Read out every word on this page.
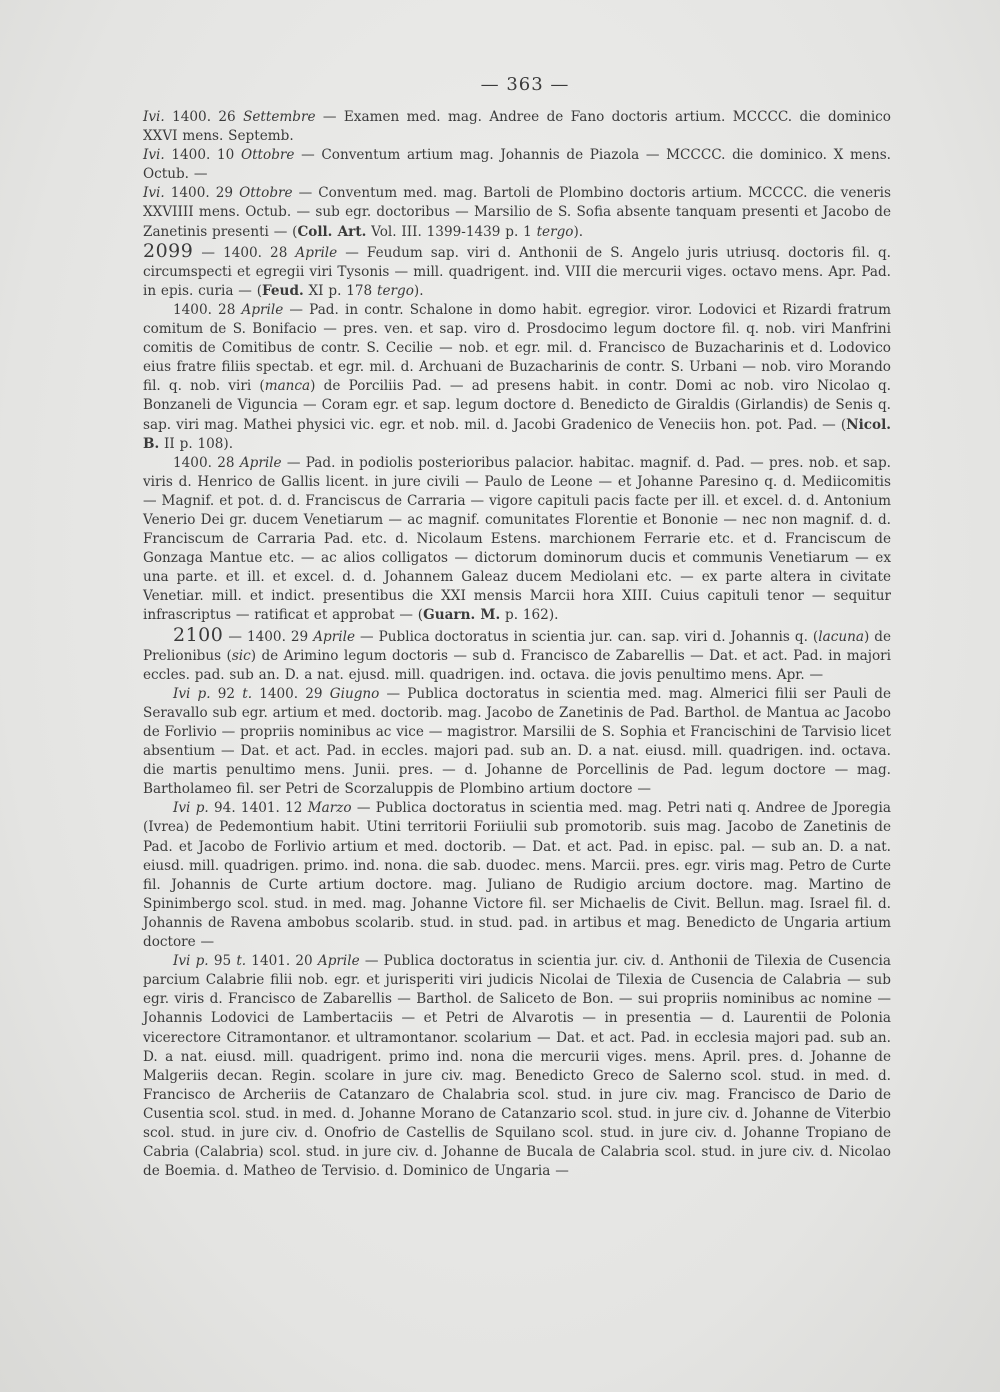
— 363 —

Ivi. 1400. 26 Settembre — Examen med. mag. Andree de Fano doctoris artium. MCCCC. die dominico XXVI mens. Septemb.

Ivi. 1400. 10 Ottobre — Conventum artium mag. Johannis de Piazola — MCCCC. die dominico. X mens. Octub. —

Ivi. 1400. 29 Ottobre — Conventum med. mag. Bartoli de Plombino doctoris artium. MCCCC. die veneris XXVIIII mens. Octub. — sub egr. doctoribus — Marsilio de S. Sofia absente tanquam presenti et Jacobo de Zanetinis presenti — (Coll. Art. Vol. III. 1399-1439 p. 1 tergo).

2099 — 1400. 28 Aprile — Feudum sap. viri d. Anthonii de S. Angelo juris utriusq. doctoris fil. q. circumspecti et egregii viri Tysonis — mill. quadrigent. ind. VIII die mercurii viges. octavo mens. Apr. Pad. in epis. curia — (Feud. XI p. 178 tergo).

1400. 28 Aprile — Pad. in contr. Schalone in domo habit. egregior. viror. Lodovici et Rizardi fratrum comitum de S. Bonifacio — pres. ven. et sap. viro d. Prosdocimo legum doctore fil. q. nob. viri Manfrini comitis de Comitibus de contr. S. Cecilie — nob. et egr. mil. d. Francisco de Buzacharinis et d. Lodovico eius fratre filiis spectab. et egr. mil. d. Archuani de Buzacharinis de contr. S. Urbani — nob. viro Morando fil. q. nob. viri (manca) de Porciliis Pad. — ad presens habit. in contr. Domi ac nob. viro Nicolao q. Bonzaneli de Viguncia — Coram egr. et sap. legum doctore d. Benedicto de Giraldis (Girlandis) de Senis q. sap. viri mag. Mathei physici vic. egr. et nob. mil. d. Jacobi Gradenico de Veneciis hon. pot. Pad. — (Nicol. B. II p. 108).

1400. 28 Aprile — Pad. in podiolis posterioribus palacior. habitac. magnif. d. Pad. — pres. nob. et sap. viris d. Henrico de Gallis licent. in jure civili — Paulo de Leone — et Johanne Paresino q. d. Mediicomitis — Magnif. et pot. d. d. Franciscus de Carraria — vigore capituli pacis facte per ill. et excel. d. d. Antonium Venerio Dei gr. ducem Venetiarum — ac magnif. comunitates Florentie et Bononie — nec non magnif. d. d. Franciscum de Carraria Pad. etc. d. Nicolaum Estens. marchionem Ferrarie etc. et d. Franciscum de Gonzaga Mantue etc. — ac alios colligatos — dictorum dominorum ducis et communis Venetiarum — ex una parte. et ill. et excel. d. d. Johannem Galeaz ducem Mediolani etc. — ex parte altera in civitate Venetiar. mill. et indict. presentibus die XXI mensis Marcii hora XIII. Cuius capituli tenor — sequitur infrascriptus — ratificat et approbat — (Guarn. M. p. 162).

2100 — 1400. 29 Aprile — Publica doctoratus in scientia jur. can. sap. viri d. Johannis q. (lacuna) de Prelionibus (sic) de Arimino legum doctoris — sub d. Francisco de Zabarellis — Dat. et act. Pad. in majori eccles. pad. sub an. D. a nat. ejusd. mill. quadrigen. ind. octava. die jovis penultimo mens. Apr. —

Ivi p. 92 t. 1400. 29 Giugno — Publica doctoratus in scientia med. mag. Almerici filii ser Pauli de Seravallo sub egr. artium et med. doctorib. mag. Jacobo de Zanetinis de Pad. Barthol. de Mantua ac Jacobo de Forlivio — propriis nominibus ac vice — magistror. Marsilii de S. Sophia et Francischini de Tarvisio licet absentium — Dat. et act. Pad. in eccles. majori pad. sub an. D. a nat. eiusd. mill. quadrigen. ind. octava. die martis penultimo mens. Junii. pres. — d. Johanne de Porcellinis de Pad. legum doctore — mag. Bartholameo fil. ser Petri de Scorzaluppis de Plombino artium doctore —

Ivi p. 94. 1401. 12 Marzo — Publica doctoratus in scientia med. mag. Petri nati q. Andree de Jporegia (Ivrea) de Pedemontium habit. Utini territorii Foriiulii sub promotorib. suis mag. Jacobo de Zanetinis de Pad. et Jacobo de Forlivio artium et med. doctorib. — Dat. et act. Pad. in episc. pal. — sub an. D. a nat. eiusd. mill. quadrigen. primo. ind. nona. die sab. duodec. mens. Marcii. pres. egr. viris mag. Petro de Curte fil. Johannis de Curte artium doctore. mag. Juliano de Rudigio arcium doctore. mag. Martino de Spinimbergo scol. stud. in med. mag. Johanne Victore fil. ser Michaelis de Civit. Bellun. mag. Israel fil. d. Johannis de Ravena ambobus scolarib. stud. in stud. pad. in artibus et mag. Benedicto de Ungaria artium doctore —

Ivi p. 95 t. 1401. 20 Aprile — Publica doctoratus in scientia jur. civ. d. Anthonii de Tilexia de Cusencia parcium Calabrie filii nob. egr. et jurisperiti viri judicis Nicolai de Tilexia de Cusencia de Calabria — sub egr. viris d. Francisco de Zabarellis — Barthol. de Saliceto de Bon. — sui propriis nominibus ac nomine — Johannis Lodovici de Lambertaciis — et Petri de Alvarotis — in presentia — d. Laurentii de Polonia vicerectore Citramontanor. et ultramontanor. scolarium — Dat. et act. Pad. in ecclesia majori pad. sub an. D. a nat. eiusd. mill. quadrigent. primo ind. nona die mercurii viges. mens. April. pres. d. Johanne de Malgeriis decan. Regin. scolare in jure civ. mag. Benedicto Greco de Salerno scol. stud. in med. d. Francisco de Archeriis de Catanzaro de Chalabria scol. stud. in jure civ. mag. Francisco de Dario de Cusentia scol. stud. in med. d. Johanne Morano de Catanzario scol. stud. in jure civ. d. Johanne de Viterbio scol. stud. in jure civ. d. Onofrio de Castellis de Squilano scol. stud. in jure civ. d. Johanne Tropiano de Cabria (Calabria) scol. stud. in jure civ. d. Johanne de Bucala de Calabria scol. stud. in jure civ. d. Nicolao de Boemia. d. Matheo de Tervisio. d. Dominico de Ungaria —
